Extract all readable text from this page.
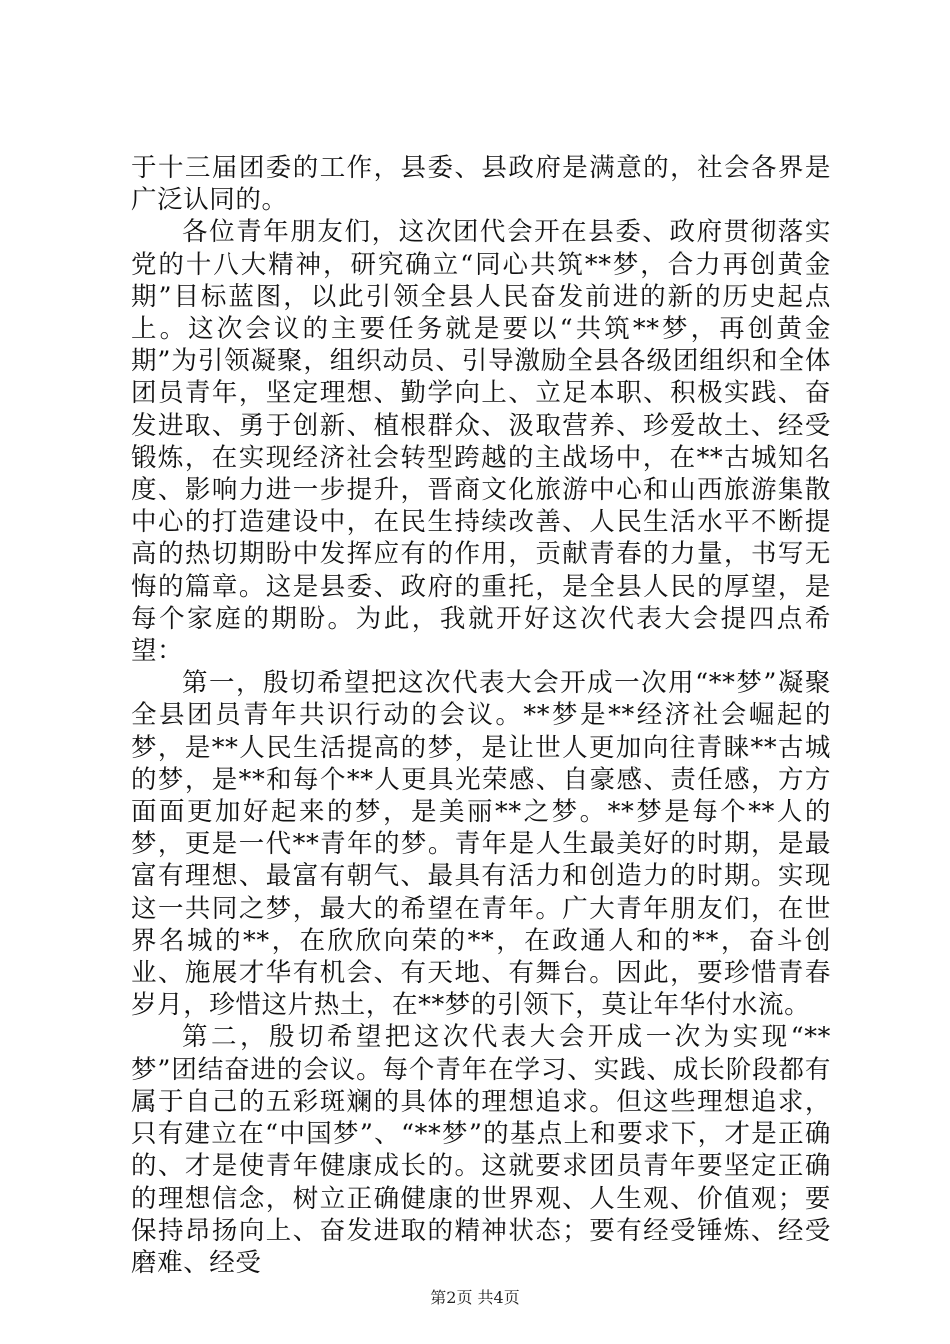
于十三届团委的工作，县委、县政府是满意的，社会各界是广泛认同的。

各位青年朋友们，这次团代会开在县委、政府贯彻落实党的十八大精神，研究确立“同心共筑**梦，合力再创黄金期”目标蓝图，以此引领全县人民奋发前进的新的历史起点上。这次会议的主要任务就是要以“共筑**梦，再创黄金期”为引领凝聚，组织动员、引导激励全县各级团组织和全体团员青年，坚定理想、勤学向上、立足本职、积极实践、奋发进取、勇于创新、植根群众、汲取营养、珍爱故土、经受锻炼，在实现经济社会转型跨越的主战场中，在**古城知名度、影响力进一步提升，晋商文化旅游中心和山西旅游集散中心的打造建设中，在民生持续改善、人民生活水平不断提高的热切期盼中发挥应有的作用，贡献青春的力量，书写无悔的篇章。这是县委、政府的重托，是全县人民的厚望，是每个家庭的期盼。为此，我就开好这次代表大会提四点希望：

第一，殷切希望把这次代表大会开成一次用“**梦”凝聚全县团员青年共识行动的会议。**梦是**经济社会崛起的梦，是**人民生活提高的梦，是让世人更加向往青睐**古城的梦，是**和每个**人更具光荣感、自豪感、责任感，方方面面更加好起来的梦，是美丽**之梦。**梦是每个**人的梦，更是一代**青年的梦。青年是人生最美好的时期，是最富有理想、最富有朝气、最具有活力和创造力的时期。实现这一共同之梦，最大的希望在青年。广大青年朋友们，在世界名城的**，在欣欣向荣的**，在政通人和的**，奋斗创业、施展才华有机会、有天地、有舞台。因此，要珍惜青春岁月，珍惜这片热土，在**梦的引领下，莫让年华付水流。

第二，殷切希望把这次代表大会开成一次为实现“**梦”团结奋进的会议。每个青年在学习、实践、成长阶段都有属于自己的五彩斑斓的具体的理想追求。但这些理想追求，只有建立在“中国梦”、“**梦”的基点上和要求下，才是正确的、才是使青年健康成长的。这就要求团员青年要坚定正确的理想信念，树立正确健康的世界观、人生观、价值观；要保持昂扬向上、奋发进取的精神状态；要有经受锤炼、经受磨难、经受

第2页 共4页
